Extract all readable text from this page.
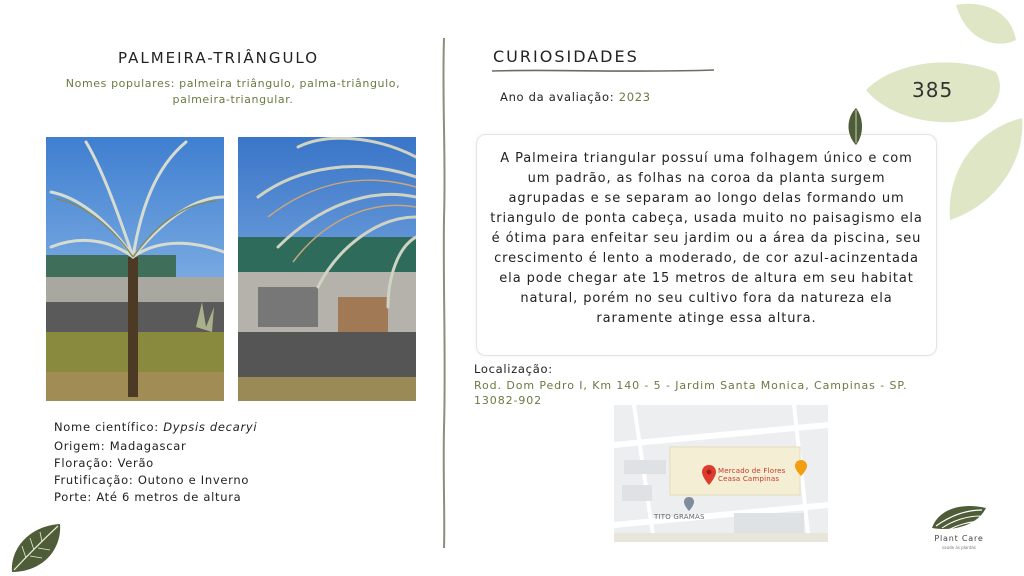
PALMEIRA-TRIÂNGULO
Nomes populares: palmeira triângulo, palma-triângulo, palmeira-triangular.
Nome científico: Dypsis decaryi
Origem: Madagascar
Floração: Verão
Frutificação: Outono e Inverno
Porte: Até 6 metros de altura
CURIOSIDADES
Ano da avaliação: 2023
A Palmeira triangular possuí uma folhagem único e com um padrão, as folhas na coroa da planta surgem agrupadas e se separam ao longo delas formando um triangulo de ponta cabeça, usada muito no paisagismo ela é ótima para enfeitar seu jardim ou a área da piscina, seu crescimento é lento a moderado, de cor azul-acinzentada ela pode chegar ate 15 metros de altura em seu habitat natural, porém no seu cultivo fora da natureza ela raramente atinge essa altura.
Localização:
Rod. Dom Pedro I, Km 140 - 5 - Jardim Santa Monica, Campinas - SP. 13082-902
Mercado de Flores
Ceasa Campinas
TITO GRAMAS
385
Plant Care
saúde às plantas
